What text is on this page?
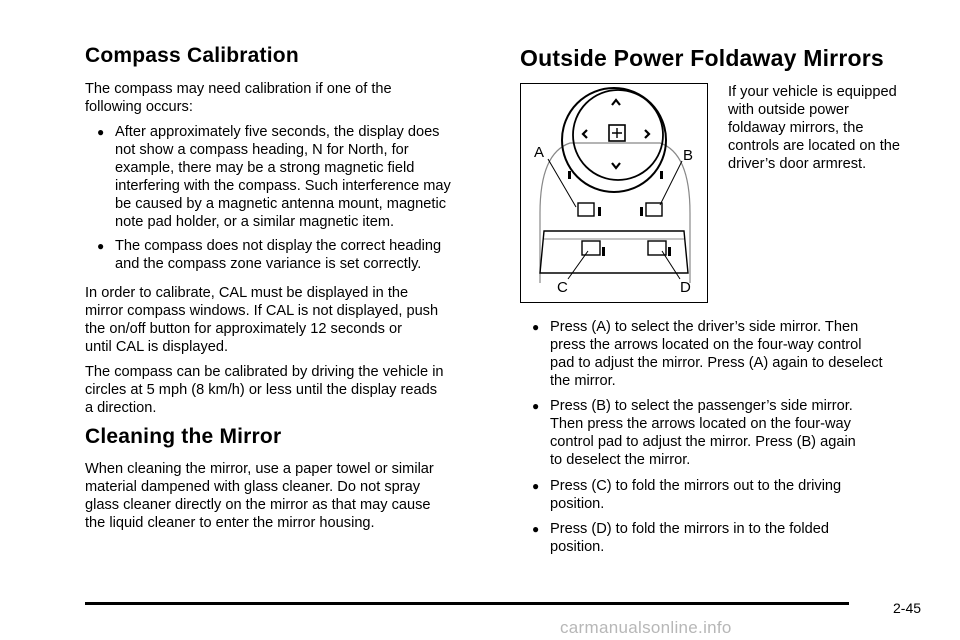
Compass Calibration

The compass may need calibration if one of the

following occurs:

● After approximately five seconds, the display does
not show a compass heading, N for North, for
example, there may be a strong magnetic field
interfering with the compass. Such interference may
be caused by a magnetic antenna mount, magnetic
note pad holder, or a similar magnetic item.
● The compass does not display the correct heading
and the compass zone variance is set correctly.

In order to calibrate, CAL must be displayed in the

mirror compass windows. If CAL is not displayed, push

the on/off button for approximately 12 seconds or

until CAL is displayed.

The compass can be calibrated by driving the vehicle in

circles at 5 mph (8 km/h) or less until the display reads

a direction.

Cleaning the Mirror

When cleaning the mirror, use a paper towel or similar

material dampened with glass cleaner. Do not spray

glass cleaner directly on the mirror as that may cause

the liquid cleaner to enter the mirror housing.

Outside Power Foldaway Mirrors
A	B
C	D

If your vehicle is equipped

with outside power

foldaway mirrors, the

controls are located on the

driver’s door armrest.

● Press (A) to select the driver’s side mirror. Then
press the arrows located on the four-way control
pad to adjust the mirror. Press (A) again to deselect
the mirror.
● Press (B) to select the passenger’s side mirror.
Then press the arrows located on the four-way
control pad to adjust the mirror. Press (B) again
to deselect the mirror.
● Press (C) to fold the mirrors out to the driving
position.
● Press (D) to fold the mirrors in to the folded
position.
2-45
carmanualsonline.info
